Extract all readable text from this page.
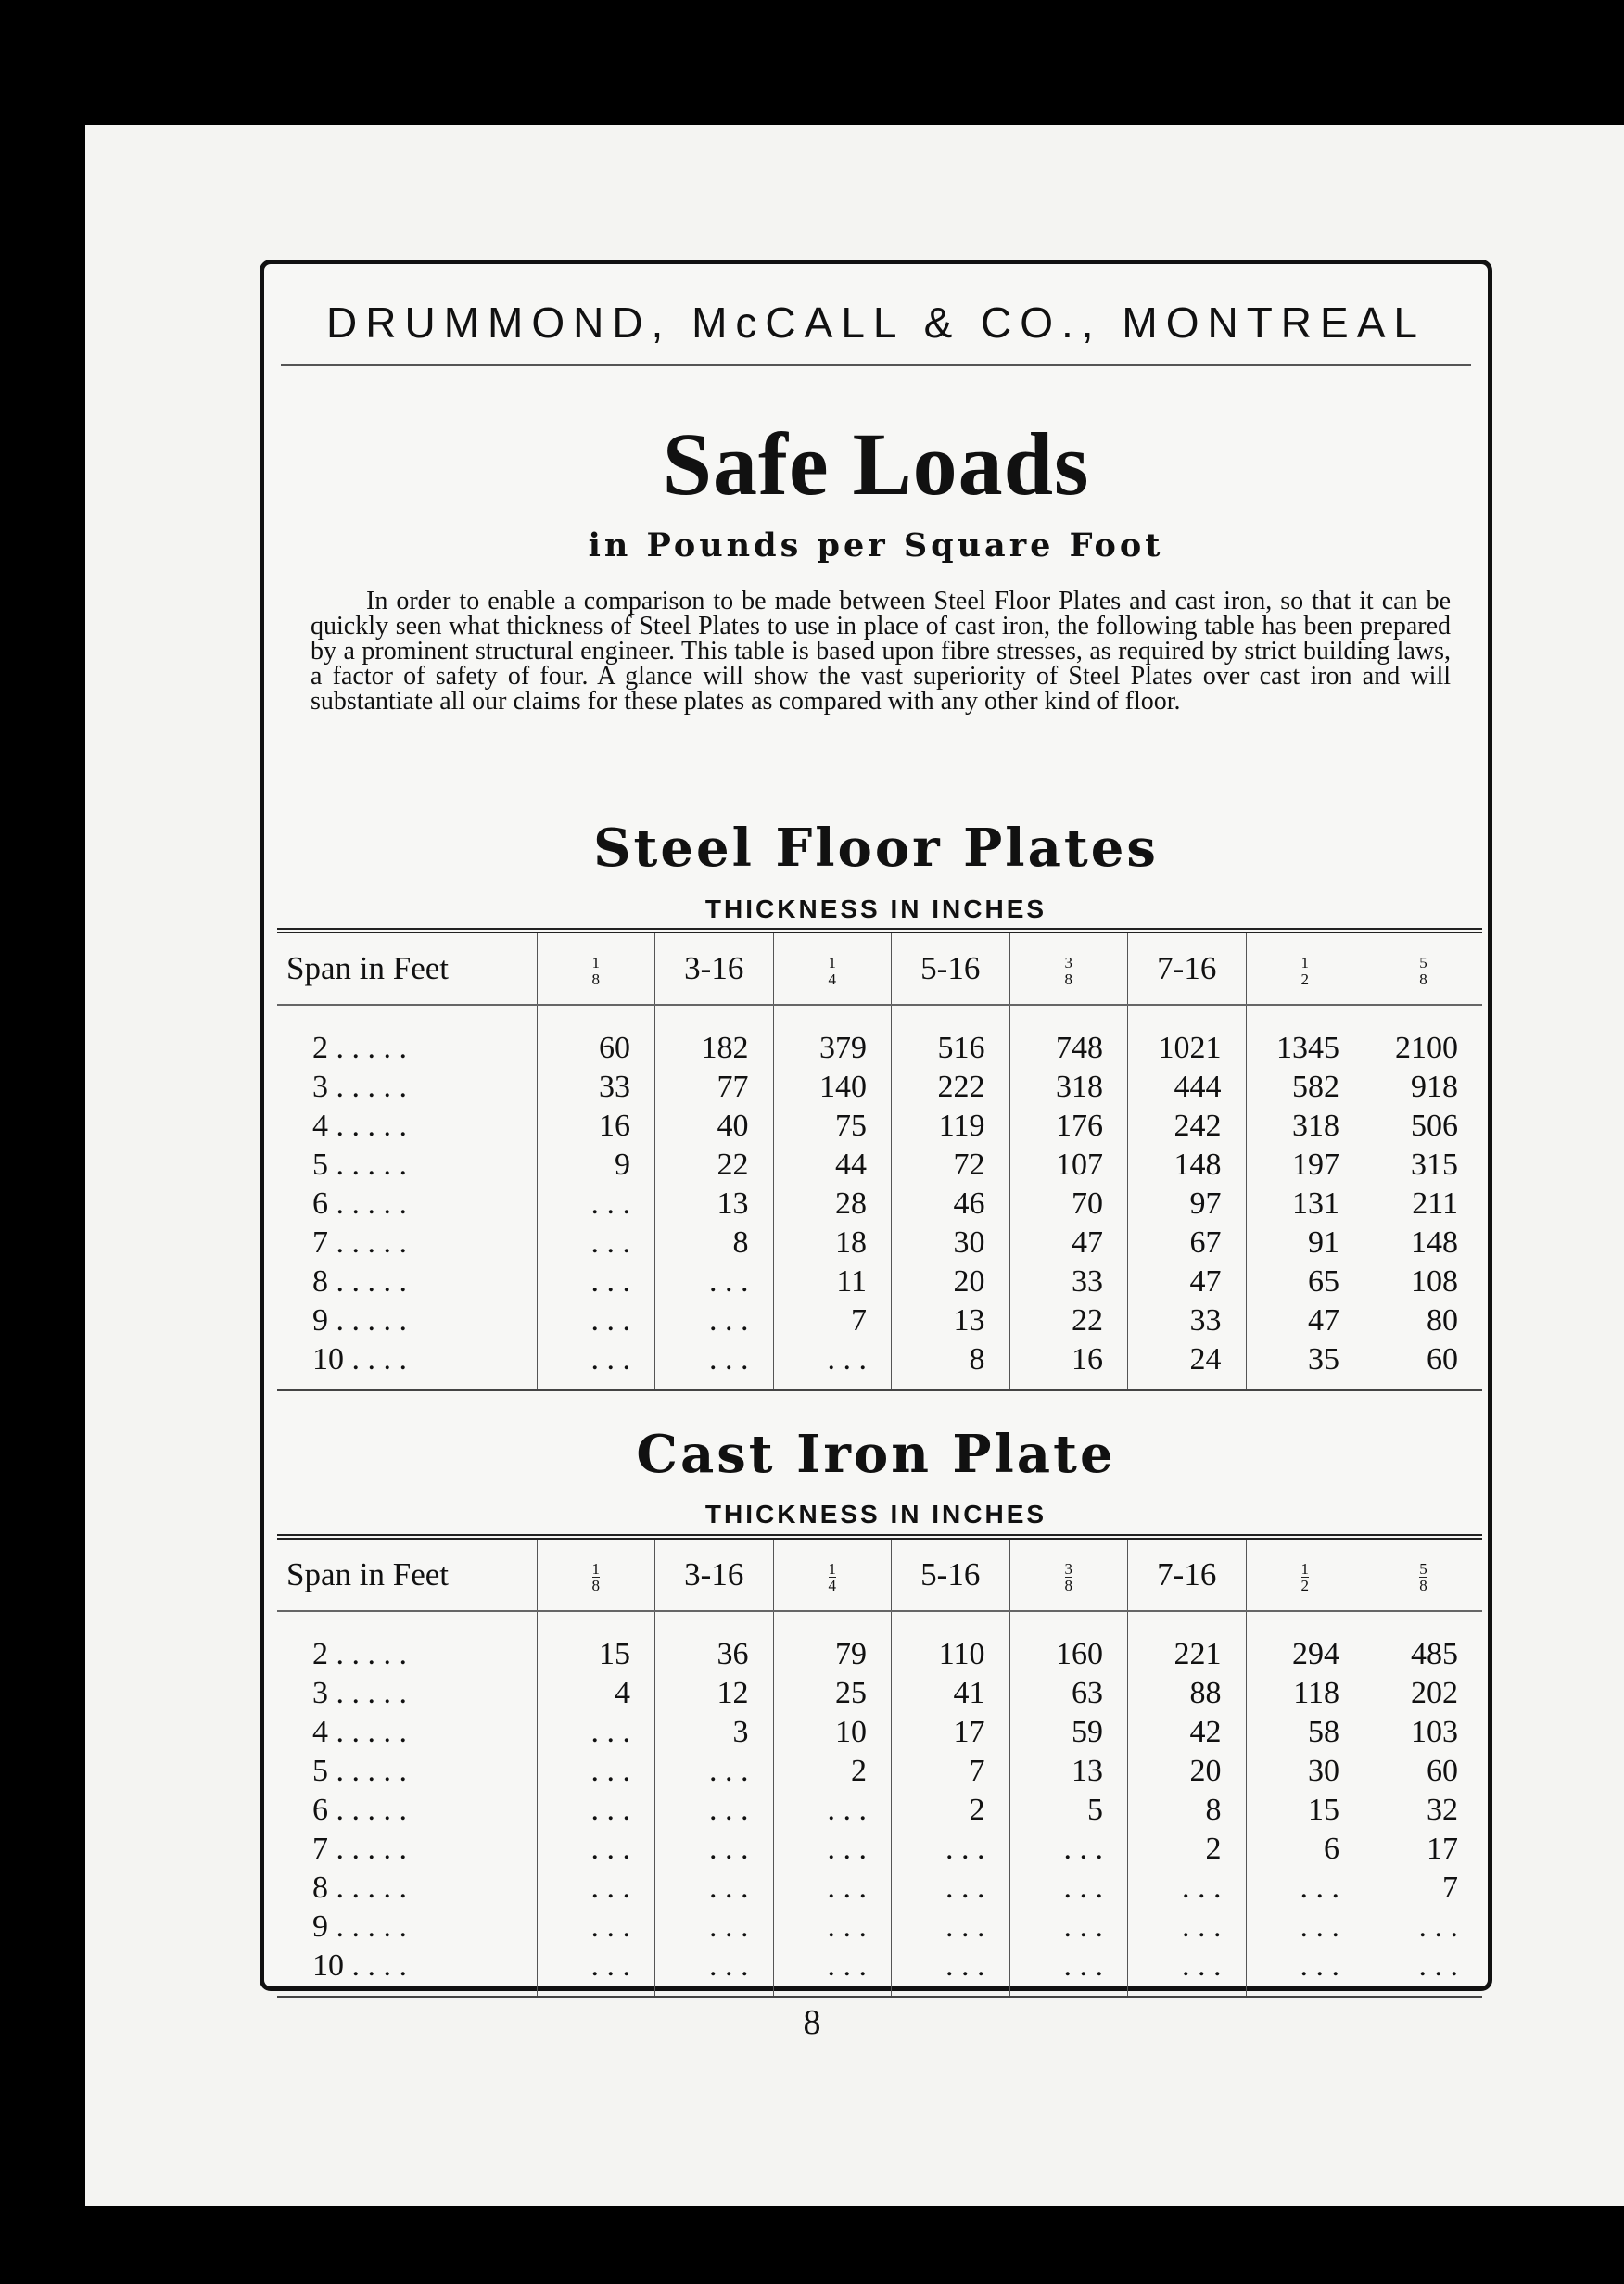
DRUMMOND, McCALL & CO., MONTREAL
Safe Loads
in Pounds per Square Foot

In order to enable a comparison to be made between Steel Floor Plates and cast iron, so that it can be quickly seen what thickness of Steel Plates to use in place of cast iron, the following table has been prepared by a prominent structural engineer. This table is based upon fibre stresses, as required by strict building laws, a factor of safety of four. A glance will show the vast superiority of Steel Plates over cast iron and will substantiate all our claims for these plates as compared with any other kind of floor.

Steel Floor Plates
THICKNESS IN INCHES
Span in Feet	$\frac{1}{8}$	3-16	$\frac{1}{4}$	5-16	$\frac{3}{8}$	7-16	$\frac{1}{2}$	$\frac{5}{8}$

2 . . . . .	60	182	379	516	748	1021	1345	2100
3 . . . . .	33	77	140	222	318	444	582	918
4 . . . . .	16	40	75	119	176	242	318	506
5 . . . . .	9	22	44	72	107	148	197	315
6 . . . . .	. . .	13	28	46	70	97	131	211
7 . . . . .	. . .	8	18	30	47	67	91	148
8 . . . . .	. . .	. . .	11	20	33	47	65	108
9 . . . . .	. . .	. . .	7	13	22	33	47	80
10 . . . .	. . .	. . .	. . .	8	16	24	35	60
Cast Iron Plate
THICKNESS IN INCHES
Span in Feet	$\frac{1}{8}$	3-16	$\frac{1}{4}$	5-16	$\frac{3}{8}$	7-16	$\frac{1}{2}$	$\frac{5}{8}$

2 . . . . .	15	36	79	110	160	221	294	485
3 . . . . .	4	12	25	41	63	88	118	202
4 . . . . .	. . .	3	10	17	59	42	58	103
5 . . . . .	. . .	. . .	2	7	13	20	30	60
6 . . . . .	. . .	. . .	. . .	2	5	8	15	32
7 . . . . .	. . .	. . .	. . .	. . .	. . .	2	6	17
8 . . . . .	. . .	. . .	. . .	. . .	. . .	. . .	. . .	7
9 . . . . .	. . .	. . .	. . .	. . .	. . .	. . .	. . .	. . .
10 . . . .	. . .	. . .	. . .	. . .	. . .	. . .	. . .	. . .
8
